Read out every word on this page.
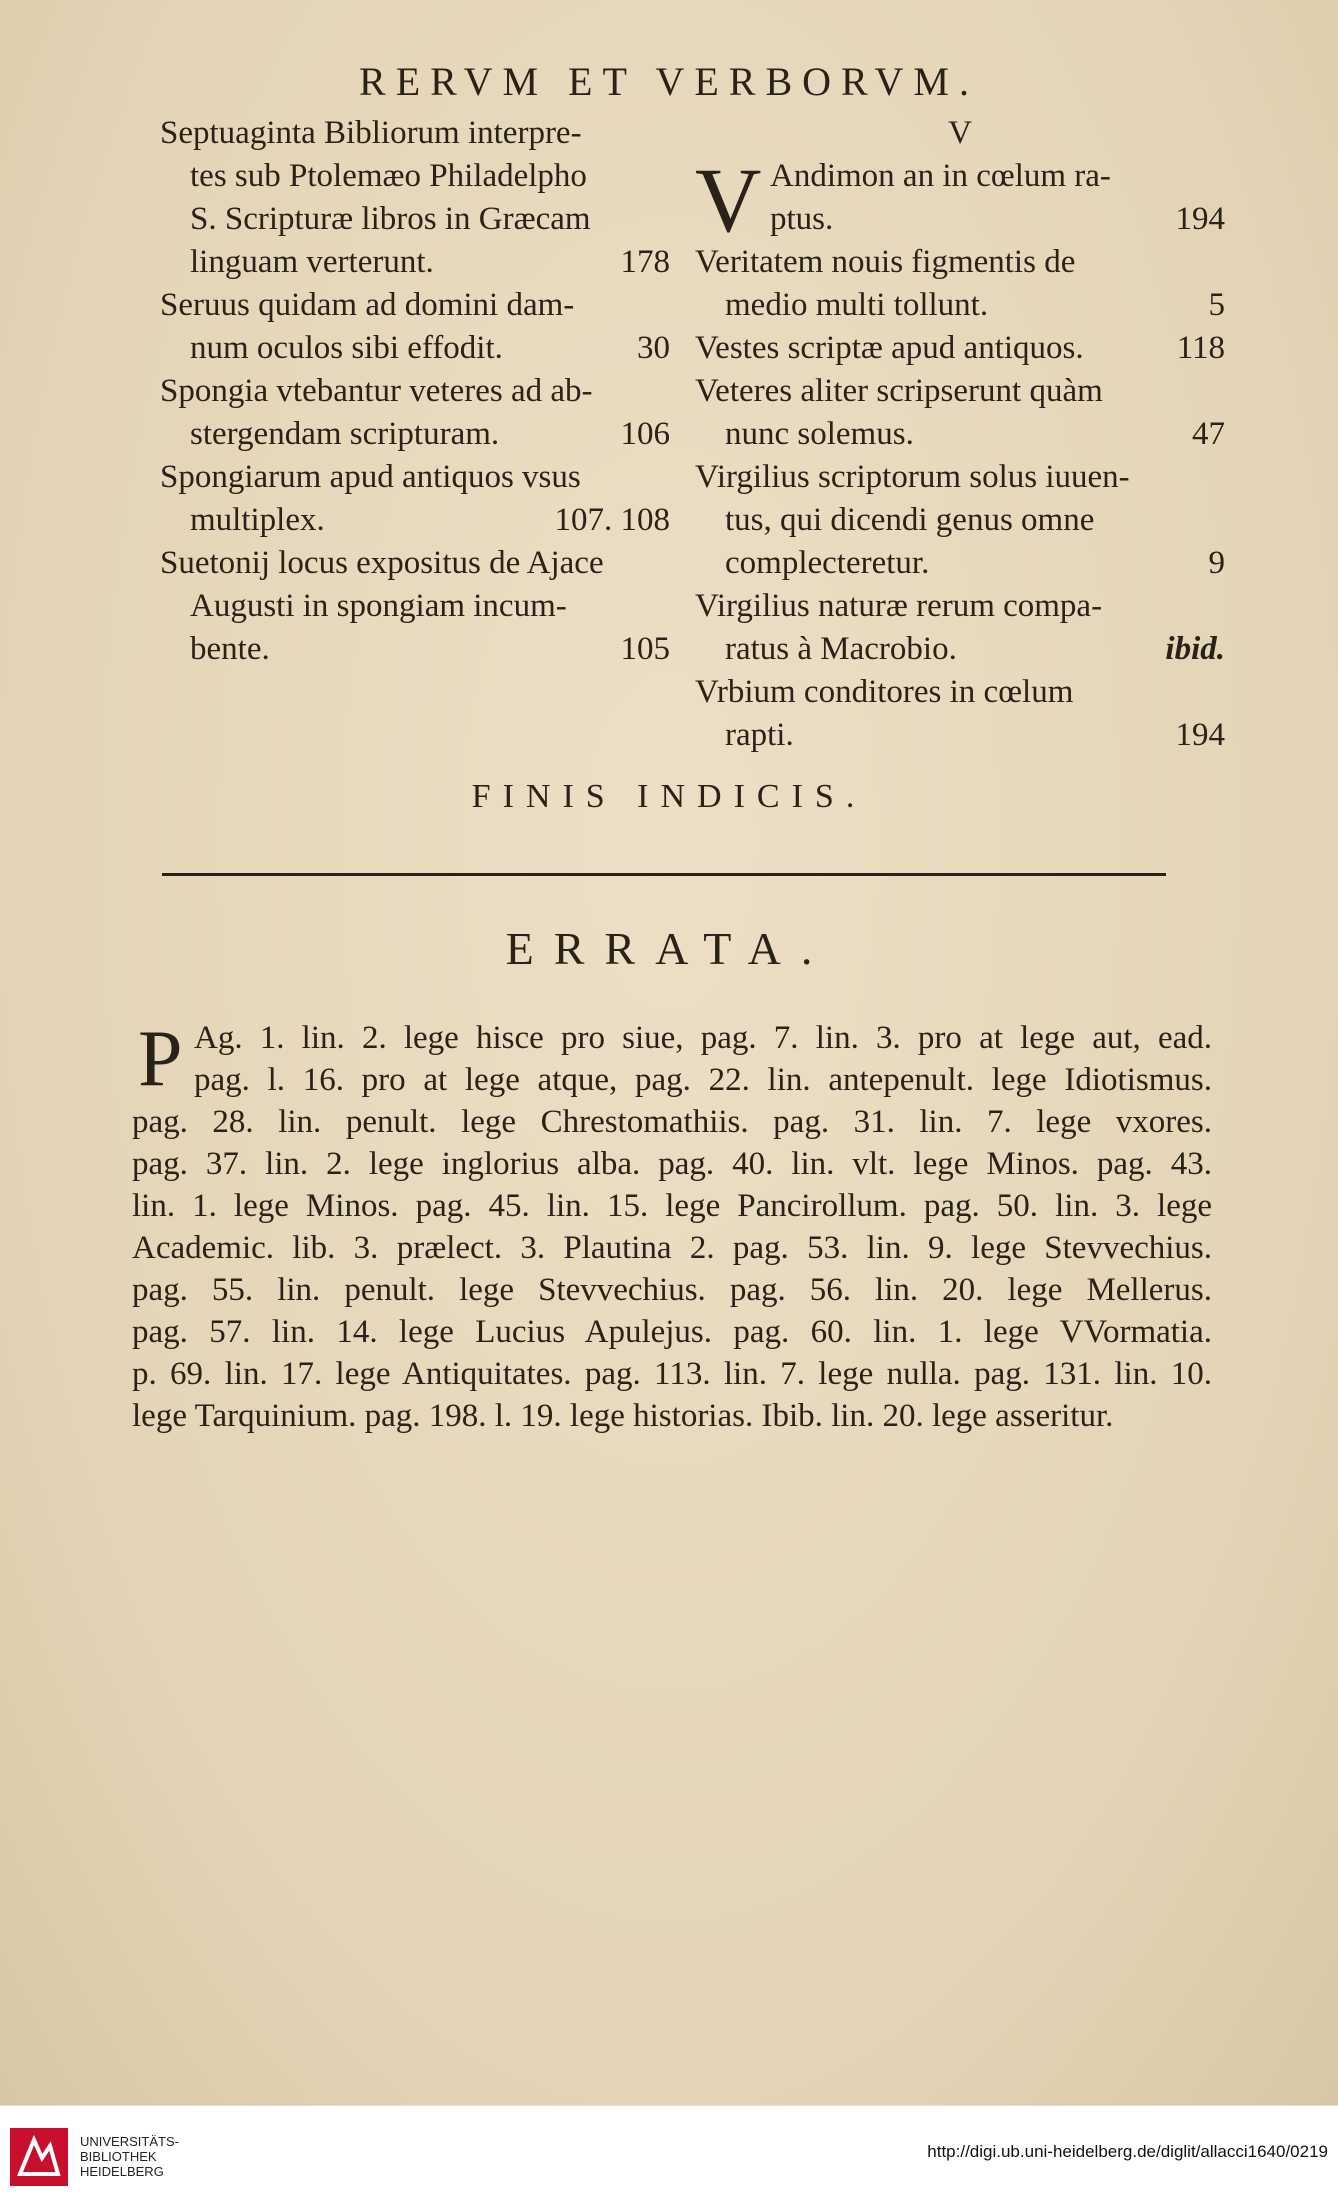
RERVM ET VERBORVM.
Septuaginta Bibliorum interpre-
tes sub Ptolemæo Philadelpho
S. Scripturæ libros in Græcam
linguam verterunt.	178
Seruus quidam ad domini dam-
num oculos sibi effodit.	30
Spongia vtebantur veteres ad ab-
stergendam scripturam.	106
Spongiarum apud antiquos vsus
multiplex.	107. 108
Suetonij locus expositus de Ajace
Augusti in spongiam incum-
bente.	105
V
V Andimon an in cœlum ra-
ptus.	194
Veritatem nouis figmentis de
medio multi tollunt.	5
Vestes scriptæ apud antiquos.	118
Veteres aliter scripserunt quàm
nunc solemus.	47
Virgilius scriptorum solus iuuen-
tus, qui dicendi genus omne
complecteretur.	9
Virgilius naturæ rerum compa-
ratus à Macrobio.	ibid.
Vrbium conditores in cœlum
rapti.	194
FINIS INDICIS.
ERRATA.
P Ag. 1. lin. 2. lege hisce pro siue, pag. 7. lin. 3. pro at lege aut, ead.
pag. l. 16. pro at lege atque, pag. 22. lin. antepenult. lege Idiotismus.
pag. 28. lin. penult. lege Chrestomathiis. pag. 31. lin. 7. lege vxores.
pag. 37. lin. 2. lege inglorius alba. pag. 40. lin. vlt. lege Minos. pag. 43.
lin. 1. lege Minos. pag. 45. lin. 15. lege Pancirollum. pag. 50. lin. 3. lege
Academic. lib. 3. prælect. 3. Plautina 2. pag. 53. lin. 9. lege Stevvechius.
pag. 55. lin. penult. lege Stevvechius. pag. 56. lin. 20. lege Mellerus.
pag. 57. lin. 14. lege Lucius Apulejus. pag. 60. lin. 1. lege VVormatia.
p. 69. lin. 17. lege Antiquitates. pag. 113. lin. 7. lege nulla. pag. 131. lin. 10.
lege Tarquinium. pag. 198. l. 19. lege historias. Ibib. lin. 20. lege asseritur.
UNIVERSITÄTS-
BIBLIOTHEK
HEIDELBERG
http://digi.ub.uni-heidelberg.de/diglit/allacci1640/0219
